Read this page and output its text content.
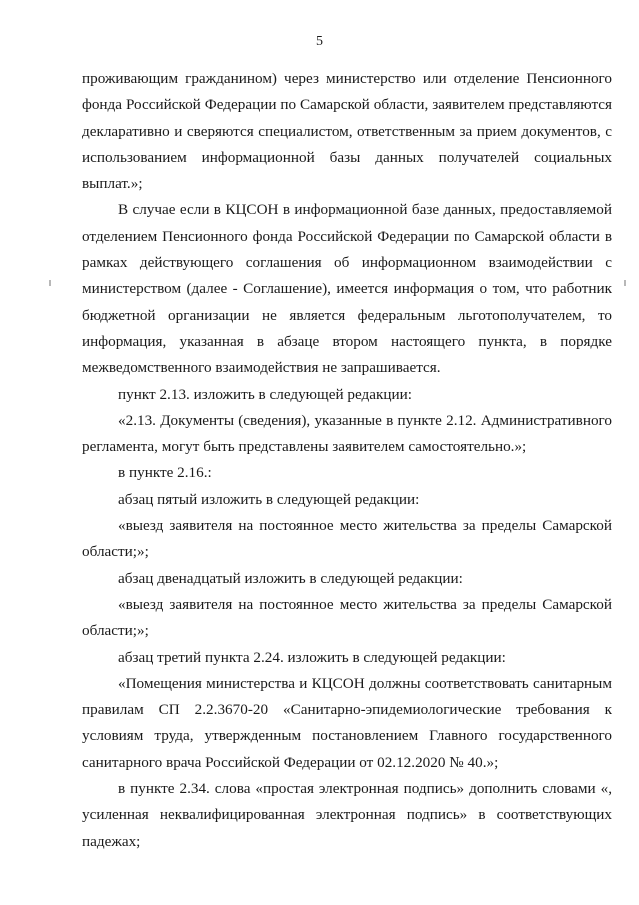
5

проживающим гражданином) через министерство или отделение Пенсионного фонда Российской Федерации по Самарской области, заявителем представляются декларативно и сверяются специалистом, ответственным за прием документов, с использованием информационной базы данных получателей социальных выплат.»;

В случае если в КЦСОН в информационной базе данных, предоставляемой отделением Пенсионного фонда Российской Федерации по Самарской области в рамках действующего соглашения об информационном взаимодействии с министерством (далее - Соглашение), имеется информация о том, что работник бюджетной организации не является федеральным льготополучателем, то информация, указанная в абзаце втором настоящего пункта, в порядке межведомственного взаимодействия не запрашивается.

пункт 2.13. изложить в следующей редакции:

«2.13. Документы (сведения), указанные в пункте 2.12. Административного регламента, могут быть представлены заявителем самостоятельно.»;

в пункте 2.16.:

абзац пятый изложить в следующей редакции:

«выезд заявителя на постоянное место жительства за пределы Самарской области;»;

абзац двенадцатый изложить в следующей редакции:

«выезд заявителя на постоянное место жительства за пределы Самарской области;»;

абзац третий пункта 2.24. изложить в следующей редакции:

«Помещения министерства и КЦСОН должны соответствовать санитарным правилам СП 2.2.3670-20 «Санитарно-эпидемиологические требования к условиям труда, утвержденным постановлением Главного государственного санитарного врача Российской Федерации от 02.12.2020 № 40.»;

в пункте 2.34. слова «простая электронная подпись» дополнить словами «, усиленная неквалифицированная электронная подпись» в соответствующих падежах;
